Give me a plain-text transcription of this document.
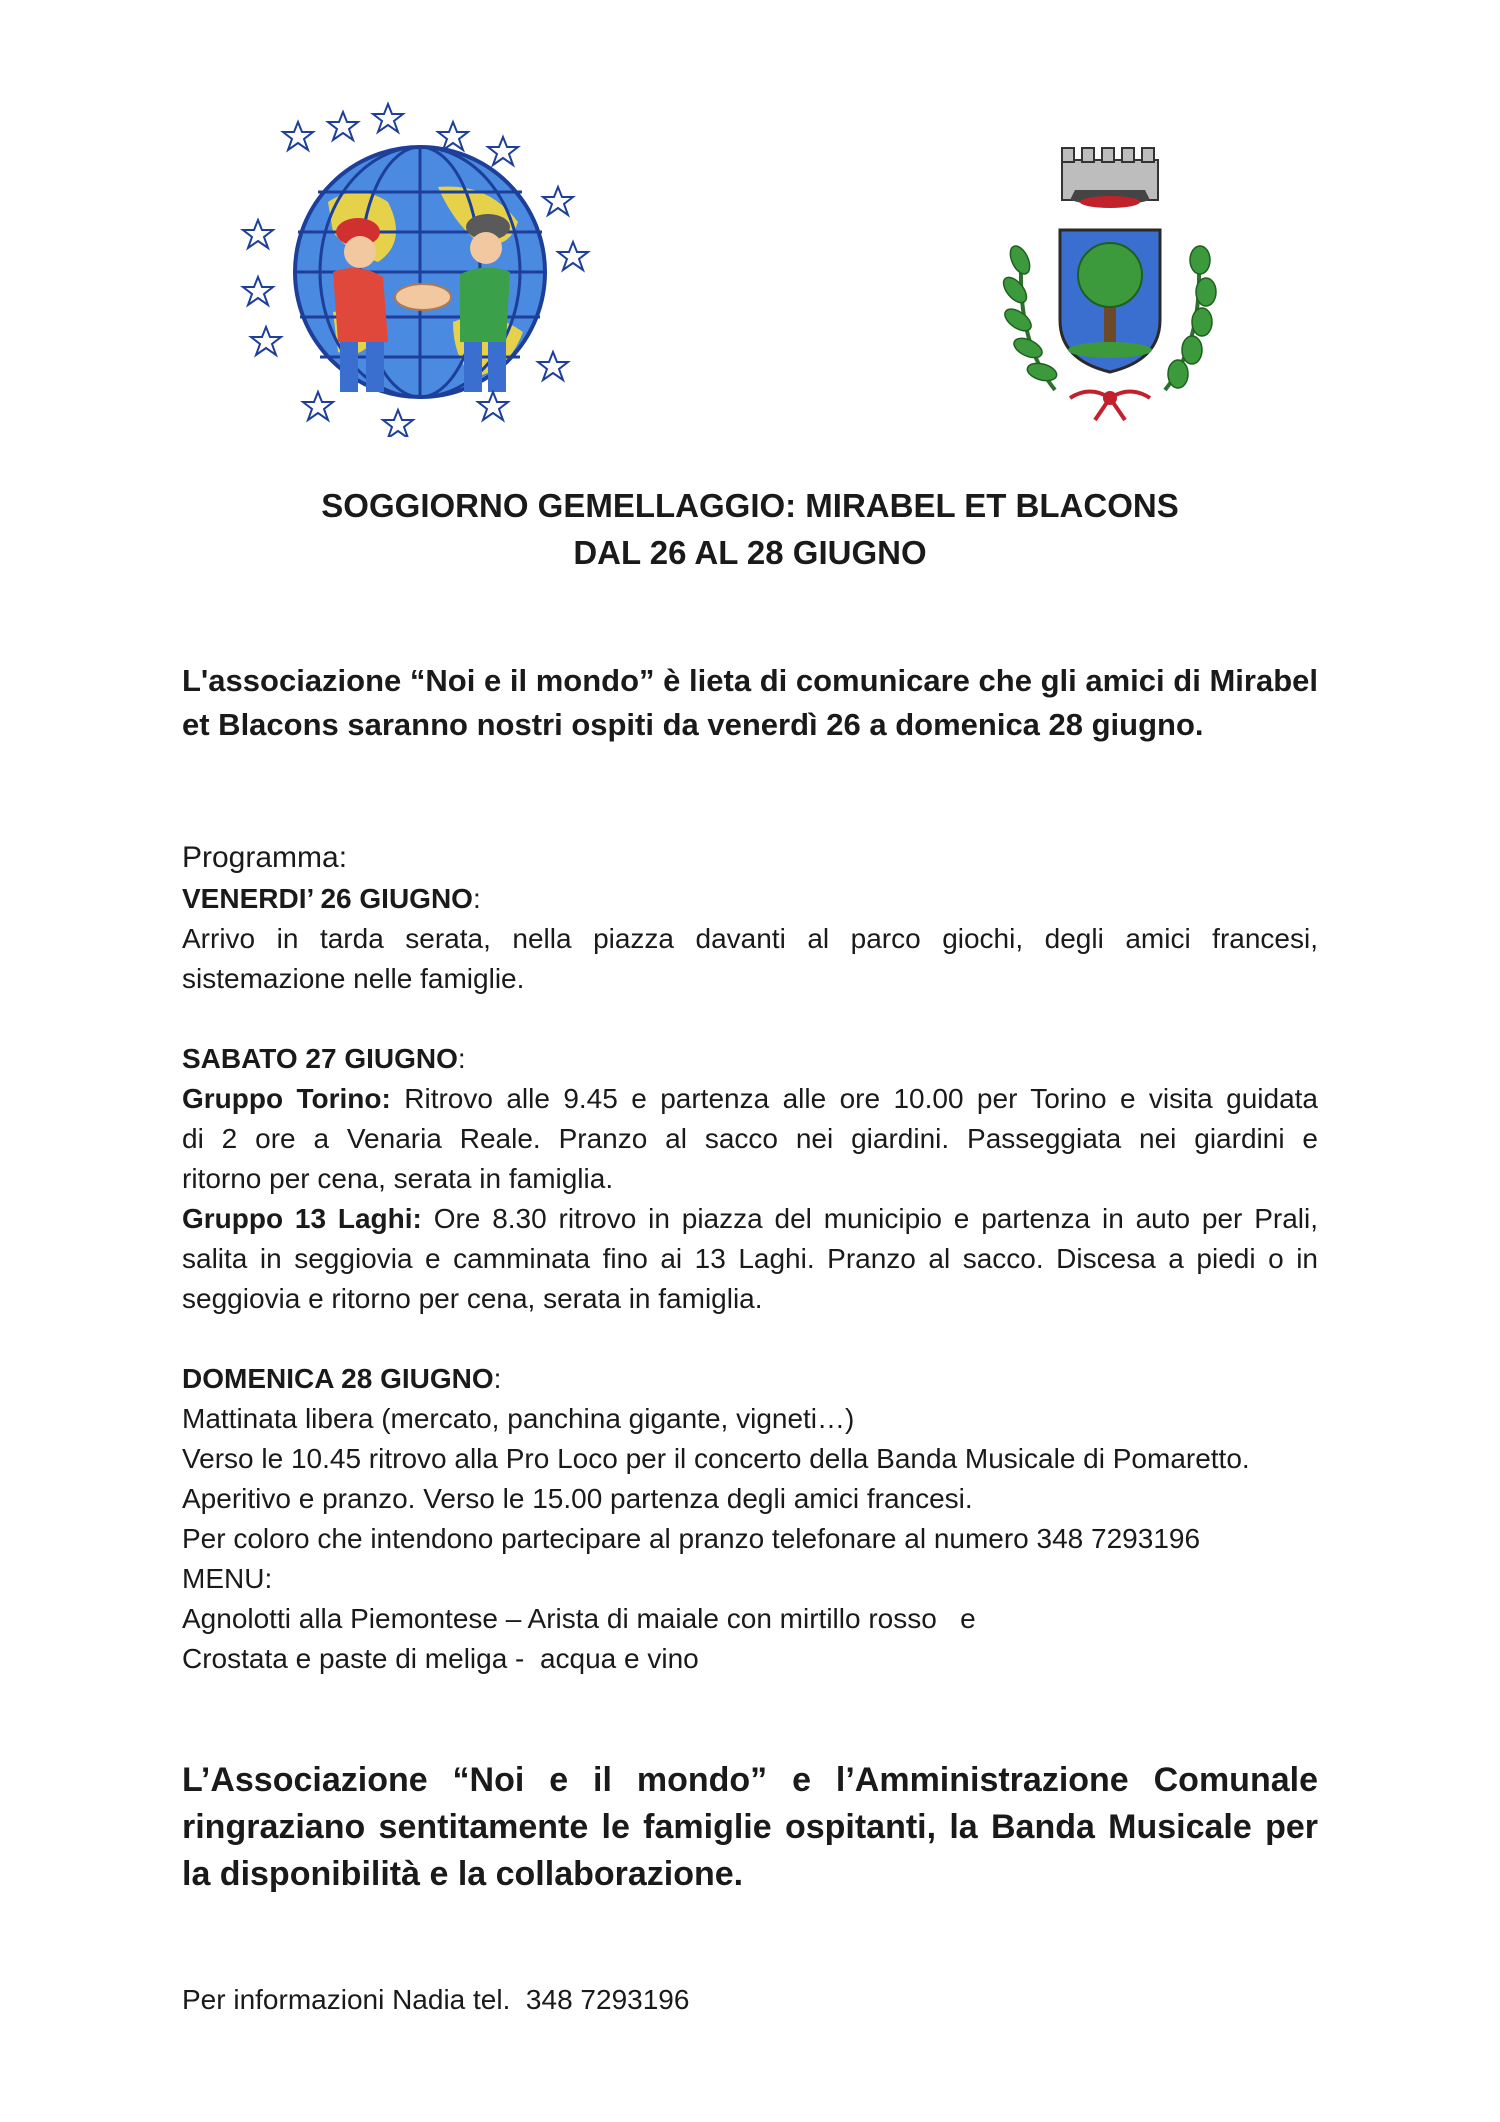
SOGGIORNO GEMELLAGGIO: MIRABEL ET BLACONS
DAL 26 AL 28 GIUGNO
L'associazione “Noi e il mondo” è lieta di comunicare che gli amici di Mirabel et Blacons saranno nostri ospiti da venerdì 26 a domenica 28 giugno.
Programma:
VENERDI’ 26 GIUGNO:
Arrivo in tarda serata, nella piazza davanti al parco giochi, degli amici francesi,
sistemazione nelle famiglie.
SABATO 27 GIUGNO:
Gruppo Torino: Ritrovo alle 9.45 e partenza alle ore 10.00 per Torino e visita guidata
di 2 ore a Venaria Reale. Pranzo al sacco nei giardini. Passeggiata nei giardini e
ritorno per cena, serata in famiglia.
Gruppo 13 Laghi: Ore 8.30 ritrovo in piazza del municipio e partenza in auto per Prali,
salita in seggiovia e camminata fino ai 13 Laghi. Pranzo al sacco. Discesa a piedi o in
seggiovia e ritorno per cena, serata in famiglia.
DOMENICA 28 GIUGNO:
Mattinata libera (mercato, panchina gigante, vigneti…)
Verso le 10.45 ritrovo alla Pro Loco per il concerto della Banda Musicale di Pomaretto.
Aperitivo e pranzo. Verso le 15.00 partenza degli amici francesi.
Per coloro che intendono partecipare al pranzo telefonare al numero 348 7293196
MENU:
Agnolotti alla Piemontese – Arista di maiale con mirtillo rosso   e
Crostata e paste di meliga -  acqua e vino
L’Associazione “Noi e il mondo” e l’Amministrazione Comunale ringraziano sentitamente le famiglie ospitanti, la Banda Musicale per la disponibilità e la collaborazione.
Per informazioni Nadia tel.  348 7293196
